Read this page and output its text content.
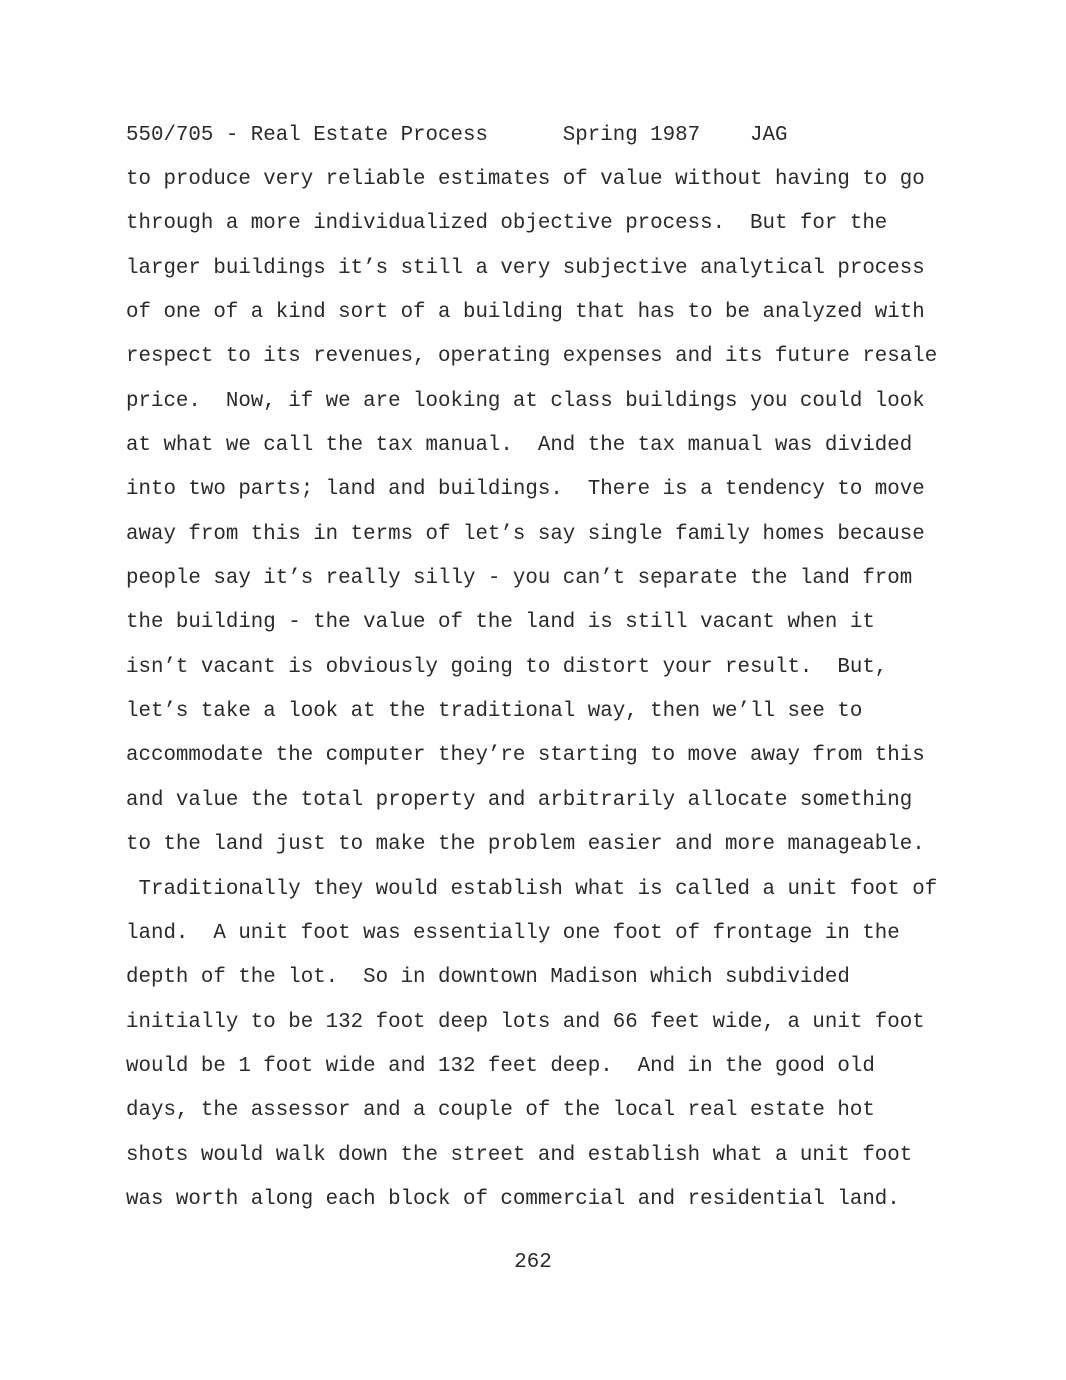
550/705 - Real Estate Process      Spring 1987    JAG
to produce very reliable estimates of value without having to go
through a more individualized objective process.  But for the
larger buildings it’s still a very subjective analytical process
of one of a kind sort of a building that has to be analyzed with
respect to its revenues, operating expenses and its future resale
price.  Now, if we are looking at class buildings you could look
at what we call the tax manual.  And the tax manual was divided
into two parts; land and buildings.  There is a tendency to move
away from this in terms of let’s say single family homes because
people say it’s really silly - you can’t separate the land from
the building - the value of the land is still vacant when it
isn’t vacant is obviously going to distort your result.  But,
let’s take a look at the traditional way, then we’ll see to
accommodate the computer they’re starting to move away from this
and value the total property and arbitrarily allocate something
to the land just to make the problem easier and more manageable.
Traditionally they would establish what is called a unit foot of
land.  A unit foot was essentially one foot of frontage in the
depth of the lot.  So in downtown Madison which subdivided
initially to be 132 foot deep lots and 66 feet wide, a unit foot
would be 1 foot wide and 132 feet deep.  And in the good old
days, the assessor and a couple of the local real estate hot
shots would walk down the street and establish what a unit foot
was worth along each block of commercial and residential land.
262
